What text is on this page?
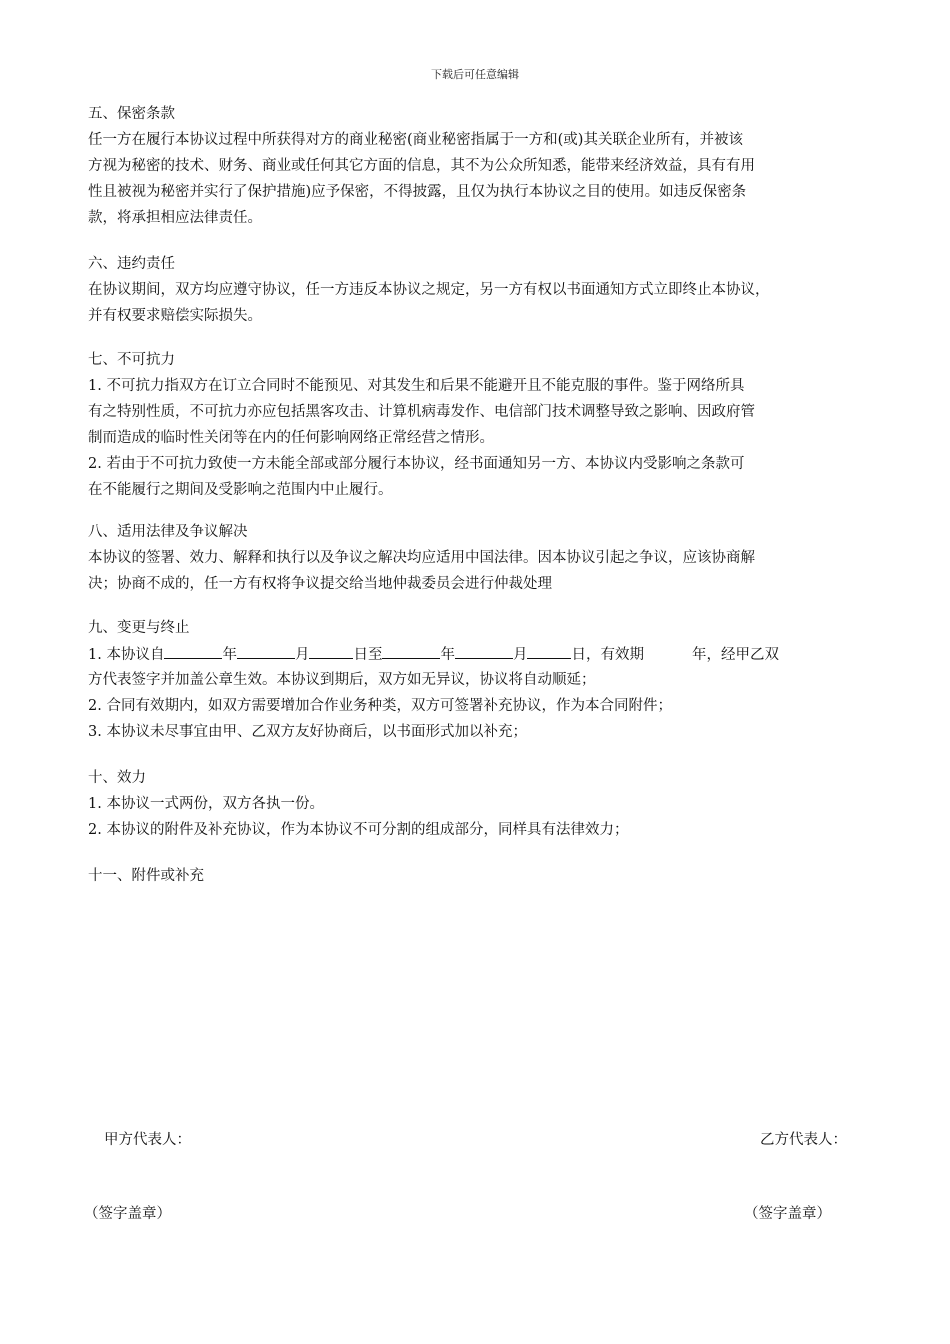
下载后可任意编辑
五、保密条款
任一方在履行本协议过程中所获得对方的商业秘密(商业秘密指属于一方和(或)其关联企业所有，并被该
方视为秘密的技术、财务、商业或任何其它方面的信息，其不为公众所知悉，能带来经济效益，具有有用
性且被视为秘密并实行了保护措施)应予保密，不得披露，且仅为执行本协议之目的使用。如违反保密条
款，将承担相应法律责任。
六、违约责任
在协议期间，双方均应遵守协议，任一方违反本协议之规定，另一方有权以书面通知方式立即终止本协议，
并有权要求赔偿实际损失。
七、不可抗力
1. 不可抗力指双方在订立合同时不能预见、对其发生和后果不能避开且不能克服的事件。鉴于网络所具
有之特别性质，不可抗力亦应包括黑客攻击、计算机病毒发作、电信部门技术调整导致之影响、因政府管
制而造成的临时性关闭等在内的任何影响网络正常经营之情形。
2. 若由于不可抗力致使一方未能全部或部分履行本协议，经书面通知另一方、本协议内受影响之条款可
在不能履行之期间及受影响之范围内中止履行。
八、适用法律及争议解决
本协议的签署、效力、解释和执行以及争议之解决均应适用中国法律。因本协议引起之争议，应该协商解
决；协商不成的，任一方有权将争议提交给当地仲裁委员会进行仲裁处理
九、变更与终止
1. 本协议自	年	月	日至	年	月	日，有效期	年，经甲乙双
方代表签字并加盖公章生效。本协议到期后，双方如无异议，协议将自动顺延；
2. 合同有效期内，如双方需要增加合作业务种类，双方可签署补充协议，作为本合同附件；
3. 本协议未尽事宜由甲、乙双方友好协商后，以书面形式加以补充；
十、效力
1. 本协议一式两份，双方各执一份。
2. 本协议的附件及补充协议，作为本协议不可分割的组成部分，同样具有法律效力；
十一、附件或补充
甲方代表人：	乙方代表人：
（签字盖章）	（签字盖章）
